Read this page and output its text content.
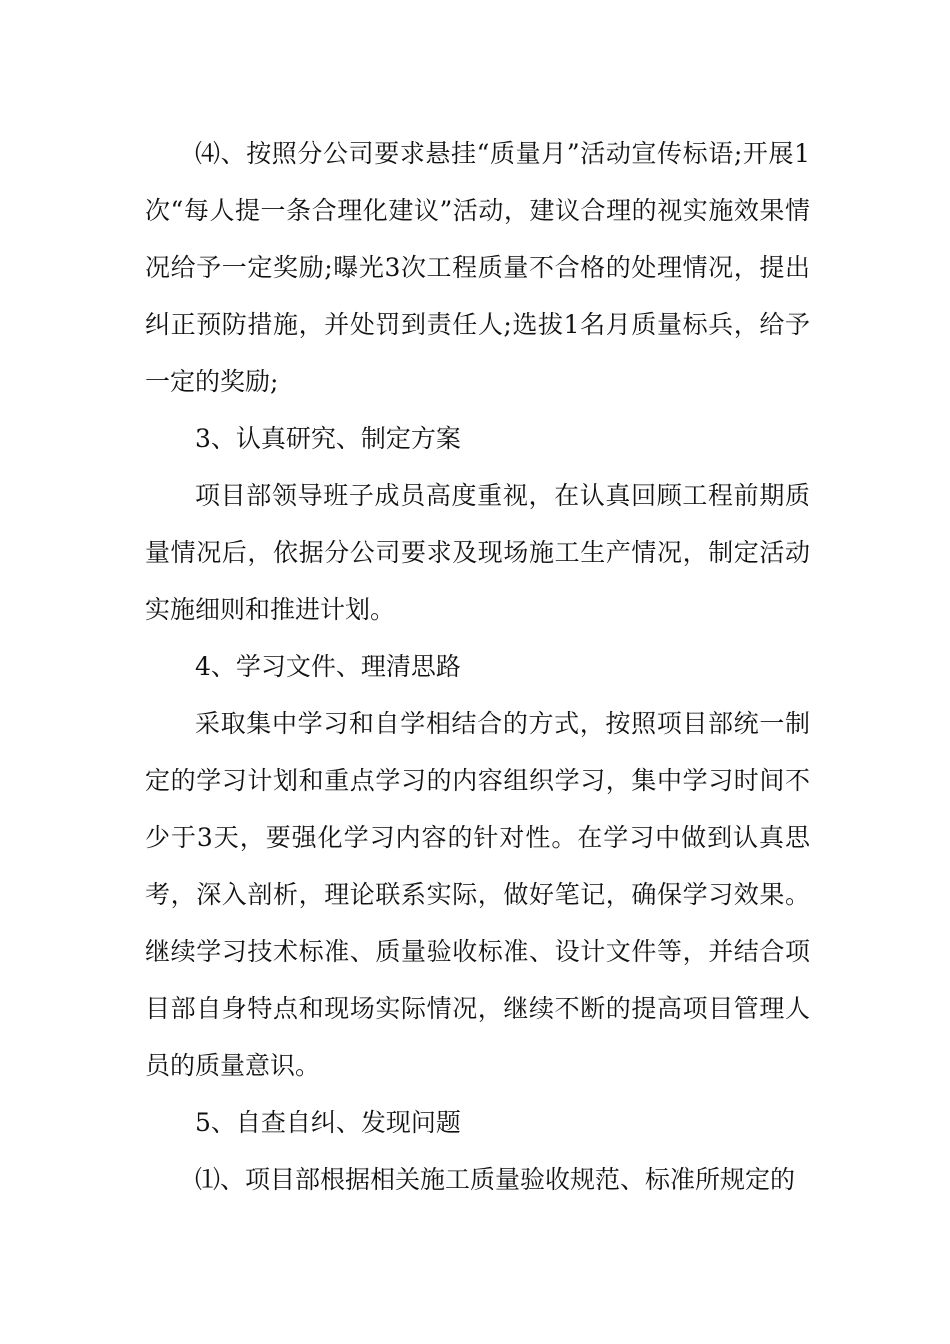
⑷、按照分公司要求悬挂“质量月”活动宣传标语;开展1次“每人提一条合理化建议”活动，建议合理的视实施效果情况给予一定奖励;曝光3次工程质量不合格的处理情况，提出纠正预防措施，并处罚到责任人;选拔1名月质量标兵，给予一定的奖励;

3、认真研究、制定方案

项目部领导班子成员高度重视，在认真回顾工程前期质量情况后，依据分公司要求及现场施工生产情况，制定活动实施细则和推进计划。

4、学习文件、理清思路

采取集中学习和自学相结合的方式，按照项目部统一制定的学习计划和重点学习的内容组织学习，集中学习时间不少于3天，要强化学习内容的针对性。在学习中做到认真思考，深入剖析，理论联系实际，做好笔记，确保学习效果。继续学习技术标准、质量验收标准、设计文件等，并结合项目部自身特点和现场实际情况，继续不断的提高项目管理人员的质量意识。

5、自查自纠、发现问题

⑴、项目部根据相关施工质量验收规范、标准所规定的
